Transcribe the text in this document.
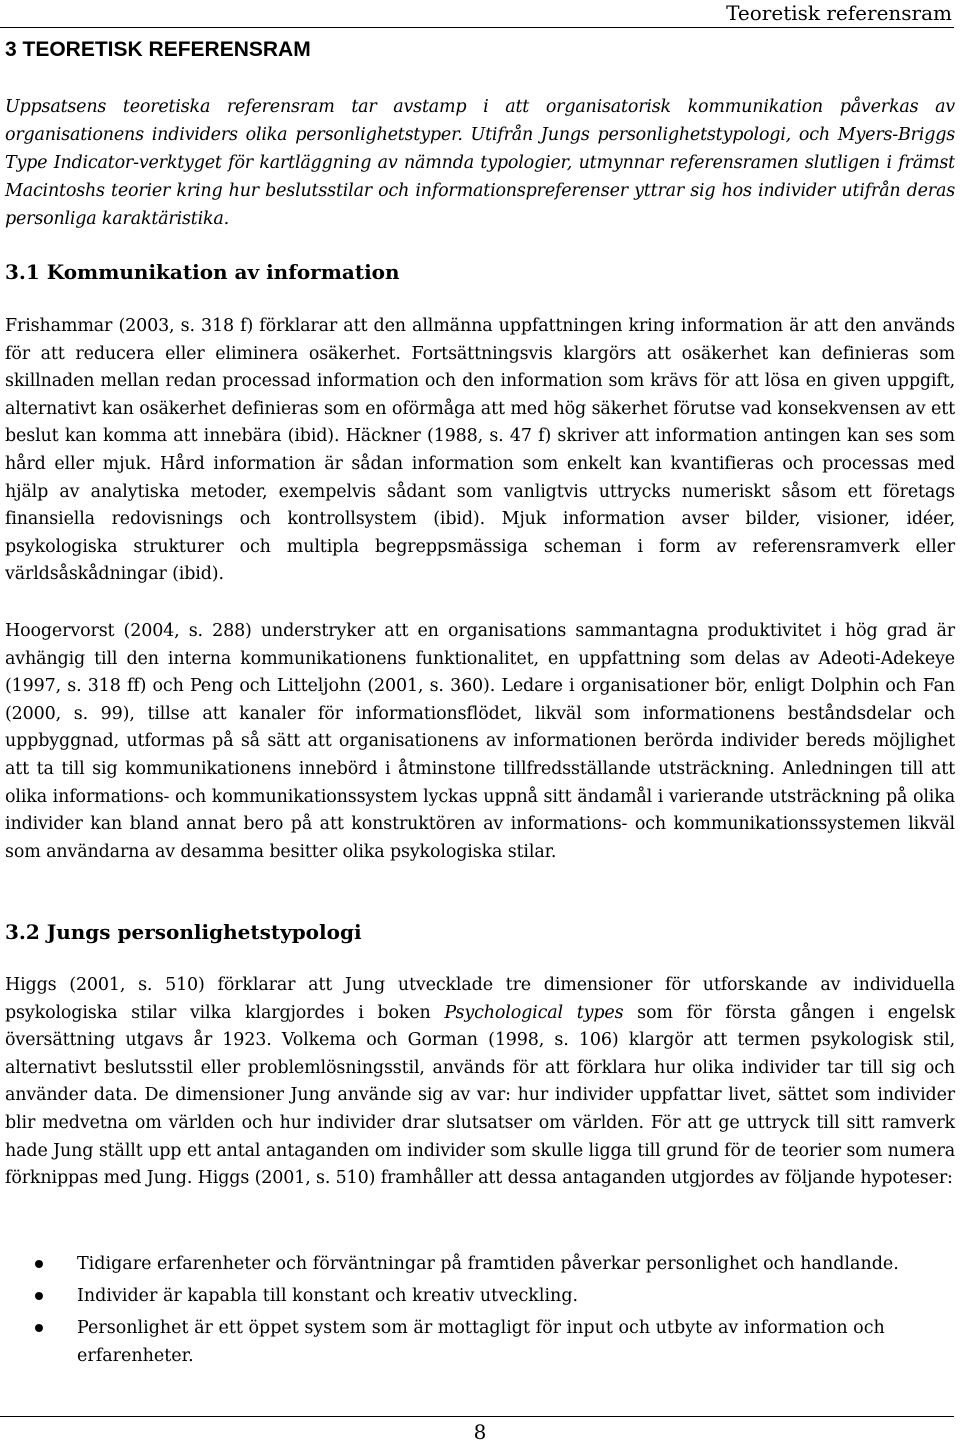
Teoretisk referensram
3 TEORETISK REFERENSRAM

Uppsatsens teoretiska referensram tar avstamp i att organisatorisk kommunikation påverkas av organisationens individers olika personlighetstyper. Utifrån Jungs personlighetstypologi, och Myers-Briggs Type Indicator-verktyget för kartläggning av nämnda typologier, utmynnar referensramen slutligen i främst Macintoshs teorier kring hur beslutsstilar och informationspreferenser yttrar sig hos individer utifrån deras personliga karaktäristika.

3.1 Kommunikation av information

Frishammar (2003, s. 318 f) förklarar att den allmänna uppfattningen kring information är att den används för att reducera eller eliminera osäkerhet. Fortsättningsvis klargörs att osäkerhet kan definieras som skillnaden mellan redan processad information och den information som krävs för att lösa en given uppgift, alternativt kan osäkerhet definieras som en oförmåga att med hög säkerhet förutse vad konsekvensen av ett beslut kan komma att innebära (ibid). Häckner (1988, s. 47 f) skriver att information antingen kan ses som hård eller mjuk. Hård information är sådan information som enkelt kan kvantifieras och processas med hjälp av analytiska metoder, exempelvis sådant som vanligtvis uttrycks numeriskt såsom ett företags finansiella redovisnings och kontrollsystem (ibid). Mjuk information avser bilder, visioner, idéer, psykologiska strukturer och multipla begreppsmässiga scheman i form av referensramverk eller världsåskådningar (ibid).

Hoogervorst (2004, s. 288) understryker att en organisations sammantagna produktivitet i hög grad är avhängig till den interna kommunikationens funktionalitet, en uppfattning som delas av Adeoti-Adekeye (1997, s. 318 ff) och Peng och Litteljohn (2001, s. 360). Ledare i organisationer bör, enligt Dolphin och Fan (2000, s. 99), tillse att kanaler för informationsflödet, likväl som informationens beståndsdelar och uppbyggnad, utformas på så sätt att organisationens av informationen berörda individer bereds möjlighet att ta till sig kommunikationens innebörd i åtminstone tillfredsställande utsträckning. Anledningen till att olika informations- och kommunikationssystem lyckas uppnå sitt ändamål i varierande utsträckning på olika individer kan bland annat bero på att konstruktören av informations- och kommunikationssystemen likväl som användarna av desamma besitter olika psykologiska stilar.

3.2 Jungs personlighetstypologi

Higgs (2001, s. 510) förklarar att Jung utvecklade tre dimensioner för utforskande av individuella psykologiska stilar vilka klargjordes i boken Psychological types som för första gången i engelsk översättning utgavs år 1923. Volkema och Gorman (1998, s. 106) klargör att termen psykologisk stil, alternativt beslutsstil eller problemlösningsstil, används för att förklara hur olika individer tar till sig och använder data. De dimensioner Jung använde sig av var: hur individer uppfattar livet, sättet som individer blir medvetna om världen och hur individer drar slutsatser om världen. För att ge uttryck till sitt ramverk hade Jung ställt upp ett antal antaganden om individer som skulle ligga till grund för de teorier som numera förknippas med Jung. Higgs (2001, s. 510) framhåller att dessa antaganden utgjordes av följande hypoteser:

Tidigare erfarenheter och förväntningar på framtiden påverkar personlighet och handlande.
Individer är kapabla till konstant och kreativ utveckling.
Personlighet är ett öppet system som är mottagligt för input och utbyte av information och erfarenheter.
8
